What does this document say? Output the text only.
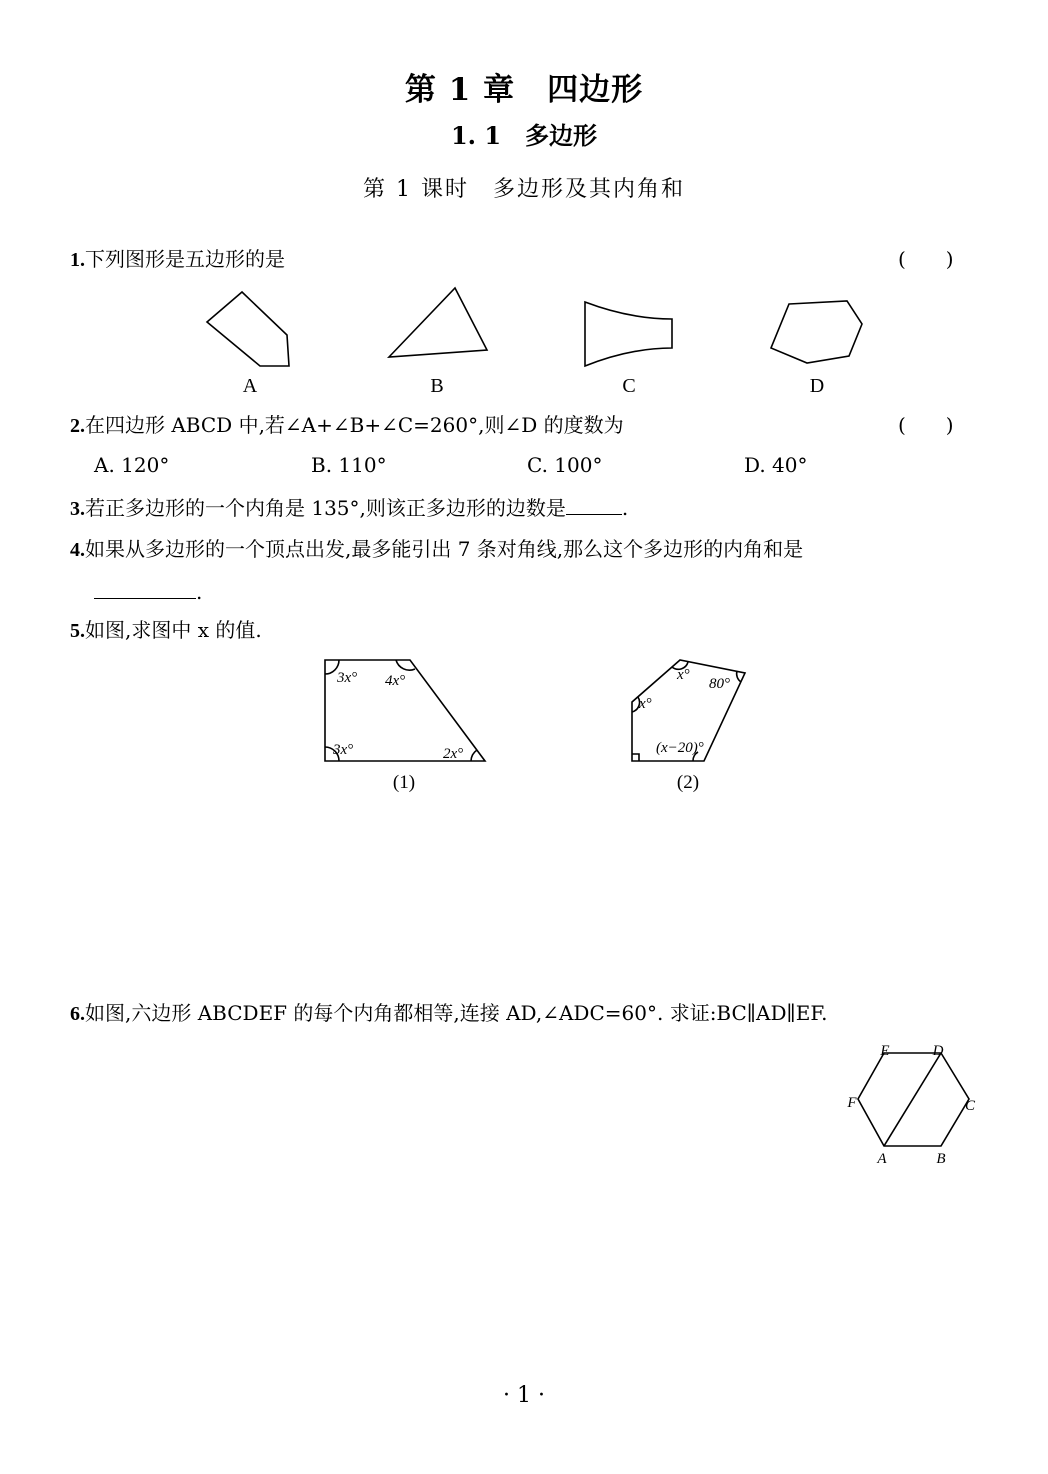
第 1 章　四边形
1. 1　多边形
第 1 课时　多边形及其内角和
1.下列图形是五边形的是	(　　)
A	B	C	D
2.在四边形 ABCD 中,若∠A+∠B+∠C=260°,则∠D 的度数为	(　　)
A. 120°	B. 110°	C. 100°	D. 40°
3.若正多边形的一个内角是 135°,则该正多边形的边数是	.
4.如果从多边形的一个顶点出发,最多能引出 7 条对角线,那么这个多边形的内角和是
.
5.如图,求图中 x 的值.
3x° 4x°
3x°	2x°
x°
80°
x°
(x−20)°
(1)	(2)
6.如图,六边形 ABCDEF 的每个内角都相等,连接 AD,∠ADC=60°. 求证:BC∥AD∥EF.
A	B
C
D
E
F
· 1 ·
